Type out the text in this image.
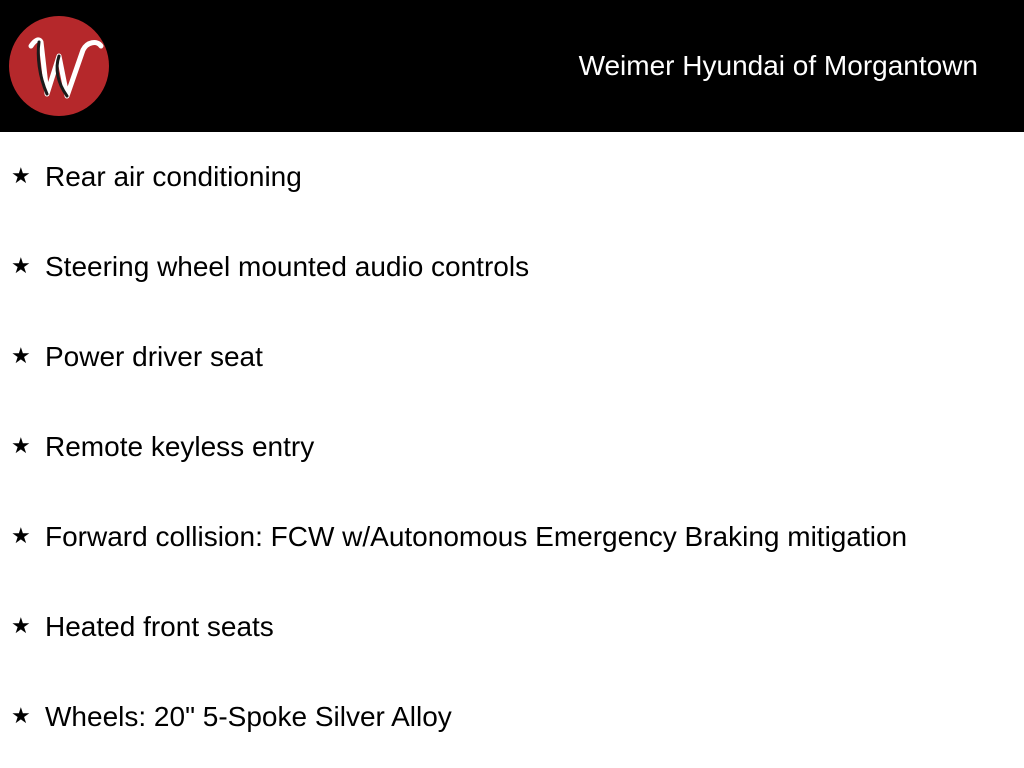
Weimer Hyundai of Morgantown
★ Rear air conditioning
★ Steering wheel mounted audio controls
★ Power driver seat
★ Remote keyless entry
★ Forward collision: FCW w/Autonomous Emergency Braking mitigation
★ Heated front seats
★ Wheels: 20" 5-Spoke Silver Alloy
